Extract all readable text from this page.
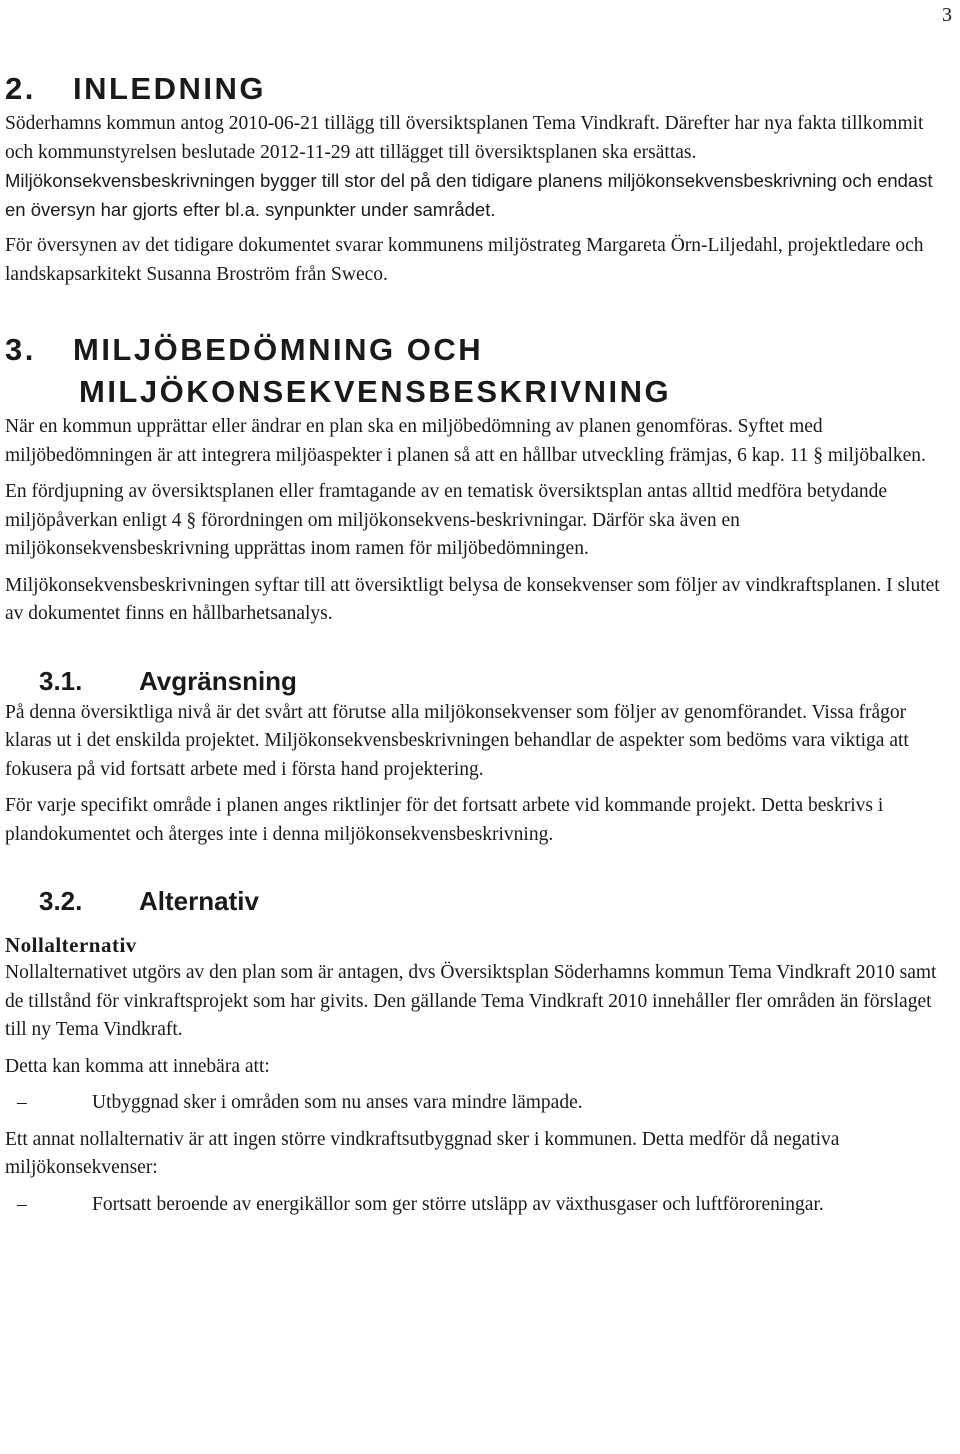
3
2. INLEDNING

Söderhamns kommun antog 2010-06-21 tillägg till översiktsplanen Tema Vindkraft. Därefter har nya fakta tillkommit och kommunstyrelsen beslutade 2012-11-29 att tillägget till översiktsplanen ska ersättas. Miljökonsekvensbeskrivningen bygger till stor del på den tidigare planens miljökonsekvensbeskrivning och endast en översyn har gjorts efter bl.a. synpunkter under samrådet.

För översynen av det tidigare dokumentet svarar kommunens miljöstrateg Margareta Örn-Liljedahl, projektledare och landskapsarkitekt Susanna Broström från Sweco.

3. MILJÖBEDÖMNING OCH
MILJÖKONSEKVENSBESKRIVNING

När en kommun upprättar eller ändrar en plan ska en miljöbedömning av planen genomföras. Syftet med miljöbedömningen är att integrera miljöaspekter i planen så att en hållbar utveckling främjas, 6 kap. 11 § miljöbalken.

En fördjupning av översiktsplanen eller framtagande av en tematisk översiktsplan antas alltid medföra betydande miljöpåverkan enligt 4 § förordningen om miljökonsekvens-beskrivningar. Därför ska även en miljökonsekvensbeskrivning upprättas inom ramen för miljöbedömningen.

Miljökonsekvensbeskrivningen syftar till att översiktligt belysa de konsekvenser som följer av vindkraftsplanen. I slutet av dokumentet finns en hållbarhetsanalys.

3.1. Avgränsning

På denna översiktliga nivå är det svårt att förutse alla miljökonsekvenser som följer av genomförandet. Vissa frågor klaras ut i det enskilda projektet. Miljökonsekvensbeskrivningen behandlar de aspekter som bedöms vara viktiga att fokusera på vid fortsatt arbete med i första hand projektering.

För varje specifikt område i planen anges riktlinjer för det fortsatt arbete vid kommande projekt. Detta beskrivs i plandokumentet och återges inte i denna miljökonsekvensbeskrivning.

3.2. Alternativ
Nollalternativ

Nollalternativet utgörs av den plan som är antagen, dvs Översiktsplan Söderhamns kommun Tema Vindkraft 2010 samt de tillstånd för vinkraftsprojekt som har givits. Den gällande Tema Vindkraft 2010 innehåller fler områden än förslaget till ny Tema Vindkraft.

Detta kan komma att innebära att:

–	Utbyggnad sker i områden som nu anses vara mindre lämpade.

Ett annat nollalternativ är att ingen större vindkraftsutbyggnad sker i kommunen. Detta medför då negativa miljökonsekvenser:

–	Fortsatt beroende av energikällor som ger större utsläpp av växthusgaser och luftföroreningar.
